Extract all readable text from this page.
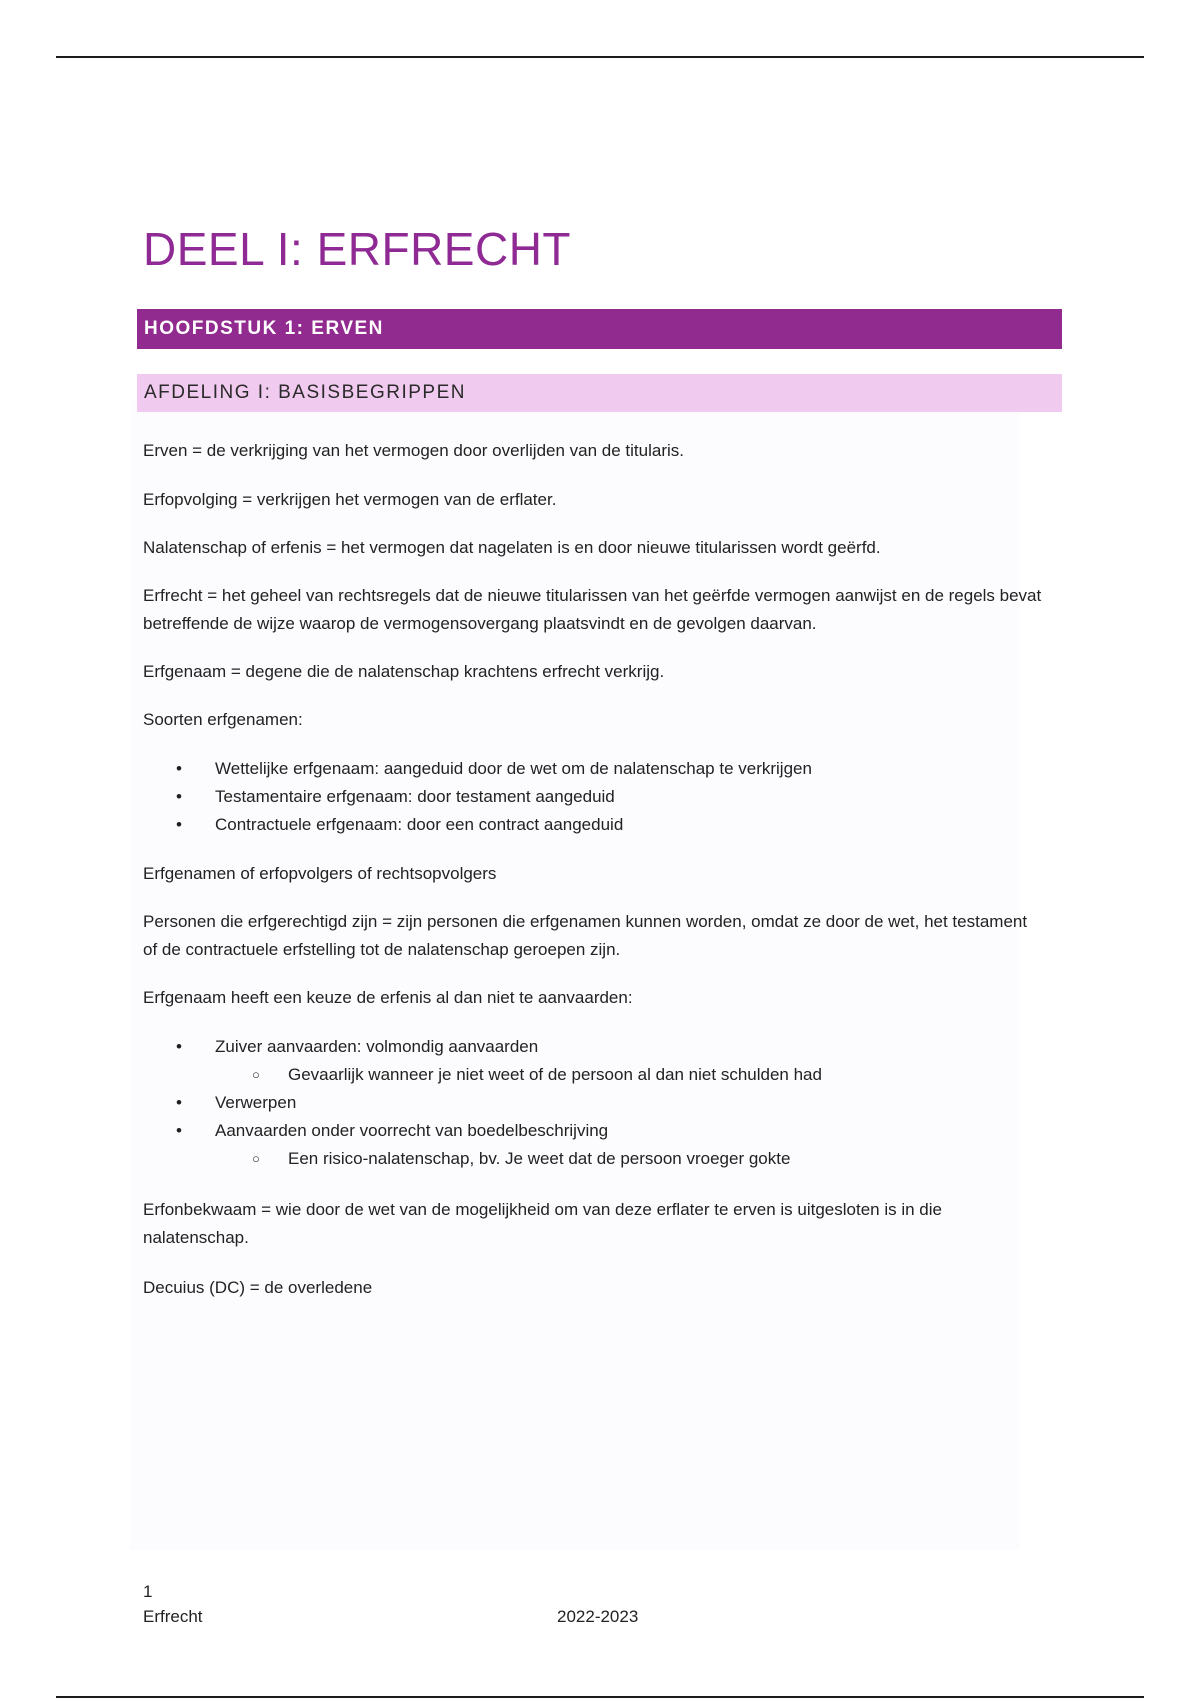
DEEL I: ERFRECHT
HOOFDSTUK 1: ERVEN
AFDELING I: BASISBEGRIPPEN

Erven = de verkrijging van het vermogen door overlijden van de titularis.

Erfopvolging = verkrijgen het vermogen van de erflater.

Nalatenschap of erfenis = het vermogen dat nagelaten is en door nieuwe titularissen wordt geërfd.

Erfrecht = het geheel van rechtsregels dat de nieuwe titularissen van het geërfde vermogen aanwijst en de regels bevat betreffende de wijze waarop de vermogensovergang plaatsvindt en de gevolgen daarvan.

Erfgenaam = degene die de nalatenschap krachtens erfrecht verkrijg.

Soorten erfgenamen:

• Wettelijke erfgenaam: aangeduid door de wet om de nalatenschap te verkrijgen

• Testamentaire erfgenaam: door testament aangeduid

• Contractuele erfgenaam: door een contract aangeduid

Erfgenamen of erfopvolgers of rechtsopvolgers

Personen die erfgerechtigd zijn = zijn personen die erfgenamen kunnen worden, omdat ze door de wet, het testament of de contractuele erfstelling tot de nalatenschap geroepen zijn.

Erfgenaam heeft een keuze de erfenis al dan niet te aanvaarden:

• Zuiver aanvaarden: volmondig aanvaarden

○ Gevaarlijk wanneer je niet weet of de persoon al dan niet schulden had

• Verwerpen

• Aanvaarden onder voorrecht van boedelbeschrijving

○ Een risico-nalatenschap, bv. Je weet dat de persoon vroeger gokte

Erfonbekwaam = wie door de wet van de mogelijkheid om van deze erflater te erven is uitgesloten is in die nalatenschap.

Decuius (DC) = de overledene

1
Erfrecht	2022-2023
